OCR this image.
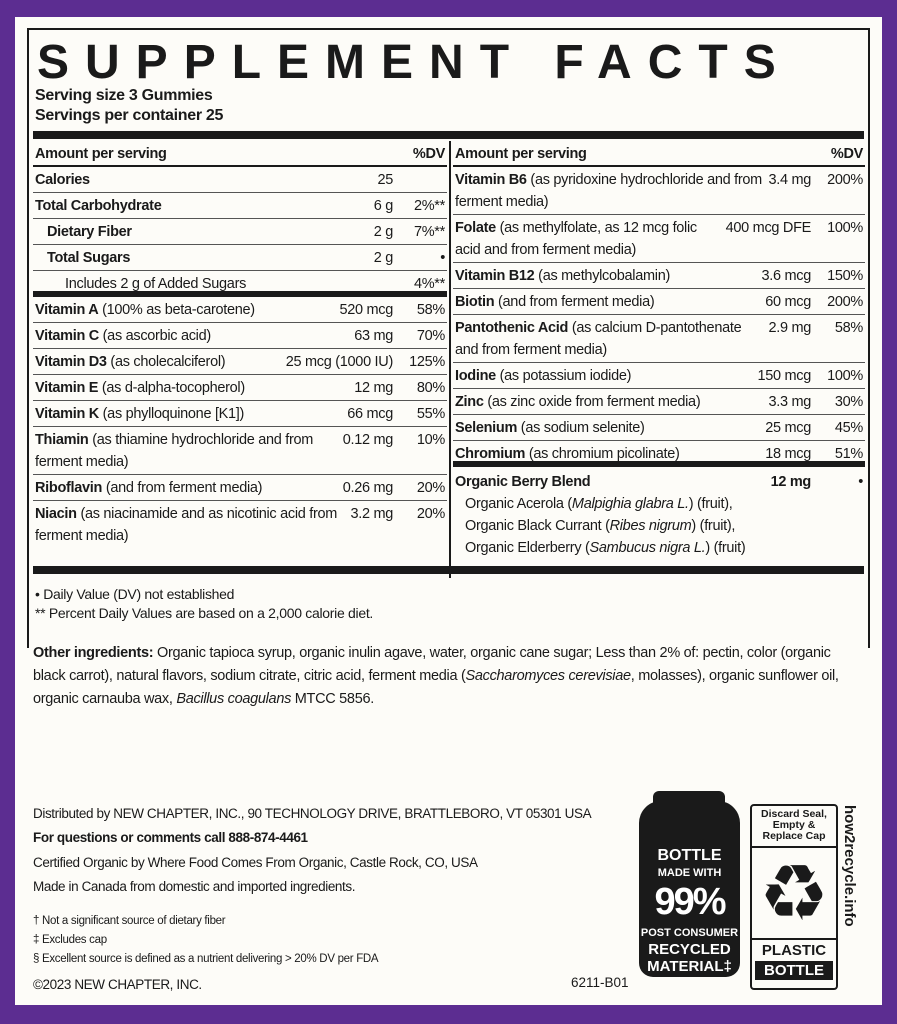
SUPPLEMENT FACTS
Serving size 3 Gummies
Servings per container 25
Amount per serving	%DV
Calories	25
Total Carbohydrate	6 g	2%**
Dietary Fiber	2 g	7%**
Total Sugars	2 g	•
Includes 2 g of Added Sugars	4%**
Vitamin A (100% as beta-carotene)	520 mcg	58%
Vitamin C (as ascorbic acid)	63 mg	70%
Vitamin D3 (as cholecalciferol)	25 mcg (1000 IU)	125%
Vitamin E (as d-alpha-tocopherol)	12 mg	80%
Vitamin K (as phylloquinone [K1])	66 mcg	55%
Thiamin (as thiamine hydrochloride and from ferment media)
0.12 mg	10%
Riboflavin (and from ferment media)	0.26 mg	20%
Niacin (as niacinamide and as nicotinic acid from ferment media)
3.2 mg	20%
Amount per serving	%DV
Vitamin B6 (as pyridoxine hydrochloride and from ferment media)
3.4 mg	200%
Folate (as methylfolate, as 12 mcg folic acid and from ferment media)
400 mcg DFE	100%
Vitamin B12 (as methylcobalamin)	3.6 mcg	150%
Biotin (and from ferment media)	60 mcg	200%
Pantothenic Acid (as calcium D-pantothenate and from ferment media)
2.9 mg	58%
Iodine (as potassium iodide)	150 mcg	100%
Zinc (as zinc oxide from ferment media)	3.3 mg	30%
Selenium (as sodium selenite)	25 mcg	45%
Chromium (as chromium picolinate)	18 mcg	51%
Organic Berry Blend	12 mg	•
Organic Acerola (Malpighia glabra L.) (fruit),
Organic Black Currant (Ribes nigrum) (fruit),
Organic Elderberry (Sambucus nigra L.) (fruit)
• Daily Value (DV) not established
** Percent Daily Values are based on a 2,000 calorie diet.
Other ingredients: Organic tapioca syrup, organic inulin agave, water, organic cane sugar; Less than 2% of: pectin, color (organic black carrot), natural flavors, sodium citrate, citric acid, ferment media (Saccharomyces cerevisiae, molasses), organic sunflower oil, organic carnauba wax, Bacillus coagulans MTCC 5856.
Distributed by NEW CHAPTER, INC., 90 TECHNOLOGY DRIVE, BRATTLEBORO, VT 05301 USA
For questions or comments call 888-874-4461
Certified Organic by Where Food Comes From Organic, Castle Rock, CO, USA
Made in Canada from domestic and imported ingredients.
† Not a significant source of dietary fiber
‡ Excludes cap
§ Excellent source is defined as a nutrient delivering > 20% DV per FDA
©2023 NEW CHAPTER, INC.	6211-B01
BOTTLE
MADE WITH
99%
POST CONSUMER
RECYCLED
MATERIAL‡
Discard Seal, Empty & Replace Cap
♻
PLASTIC
BOTTLE
how2recycle.info
